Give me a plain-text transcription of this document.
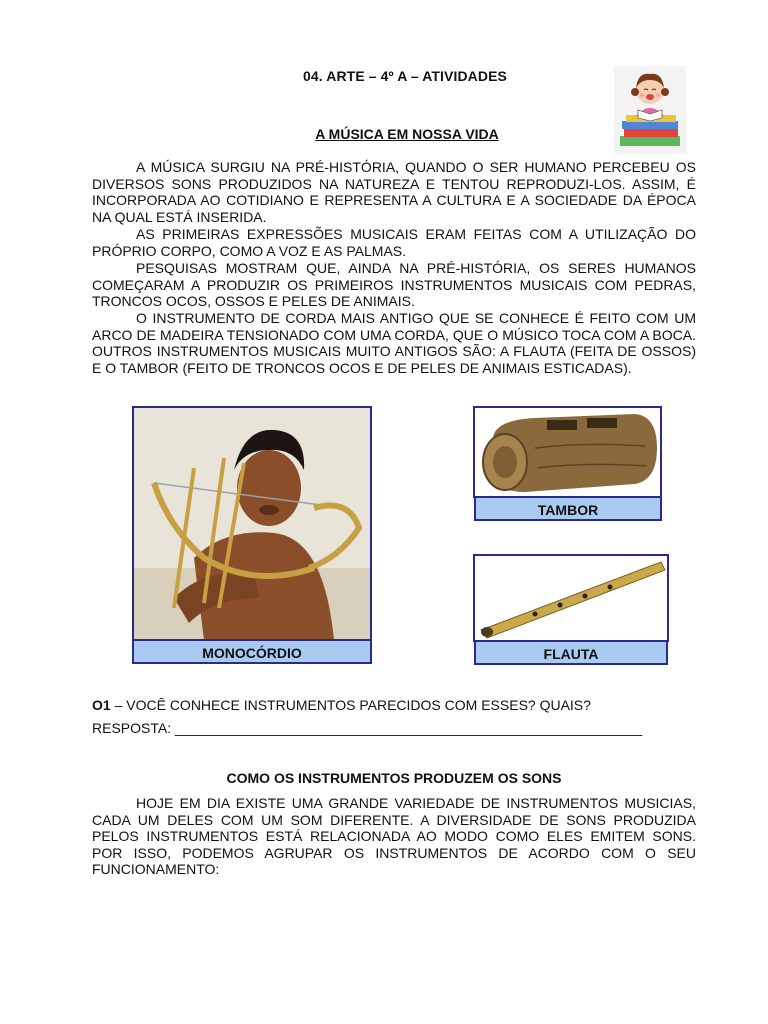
04. ARTE – 4º A – ATIVIDADES
A MÚSICA EM NOSSA VIDA

A MÚSICA SURGIU NA PRÉ-HISTÓRIA, QUANDO O SER HUMANO PERCEBEU OS DIVERSOS SONS PRODUZIDOS NA NATUREZA E TENTOU REPRODUZI-LOS. ASSIM, É INCORPORADA AO COTIDIANO E REPRESENTA A CULTURA E A SOCIEDADE DA ÉPOCA NA QUAL ESTÁ INSERIDA.

AS PRIMEIRAS EXPRESSÕES MUSICAIS ERAM FEITAS COM A UTILIZAÇÃO DO PRÓPRIO CORPO, COMO A VOZ E AS PALMAS.

PESQUISAS MOSTRAM QUE, AINDA NA PRÉ-HISTÓRIA, OS SERES HUMANOS COMEÇARAM A PRODUZIR OS PRIMEIROS INSTRUMENTOS MUSICAIS COM PEDRAS, TRONCOS OCOS, OSSOS E PELES DE ANIMAIS.

O INSTRUMENTO DE CORDA MAIS ANTIGO QUE SE CONHECE É FEITO COM UM ARCO DE MADEIRA TENSIONADO COM UMA CORDA, QUE O MÚSICO TOCA COM A BOCA. OUTROS INSTRUMENTOS MUSICAIS MUITO ANTIGOS SÃO: A FLAUTA (FEITA DE OSSOS) E O TAMBOR (FEITO DE TRONCOS OCOS E DE PELES DE ANIMAIS ESTICADAS).

MONOCÓRDIO
TAMBOR
FLAUTA
O1 – VOCÊ CONHECE INSTRUMENTOS PARECIDOS COM ESSES? QUAIS?
RESPOSTA: ____________________________________________________________
COMO OS INSTRUMENTOS PRODUZEM OS SONS

HOJE EM DIA EXISTE UMA GRANDE VARIEDADE DE INSTRUMENTOS MUSICIAS, CADA UM DELES COM UM SOM DIFERENTE. A DIVERSIDADE DE SONS PRODUZIDA PELOS INSTRUMENTOS ESTÁ RELACIONADA AO MODO COMO ELES EMITEM SONS. POR ISSO, PODEMOS AGRUPAR OS INSTRUMENTOS DE ACORDO COM O SEU FUNCIONAMENTO:
